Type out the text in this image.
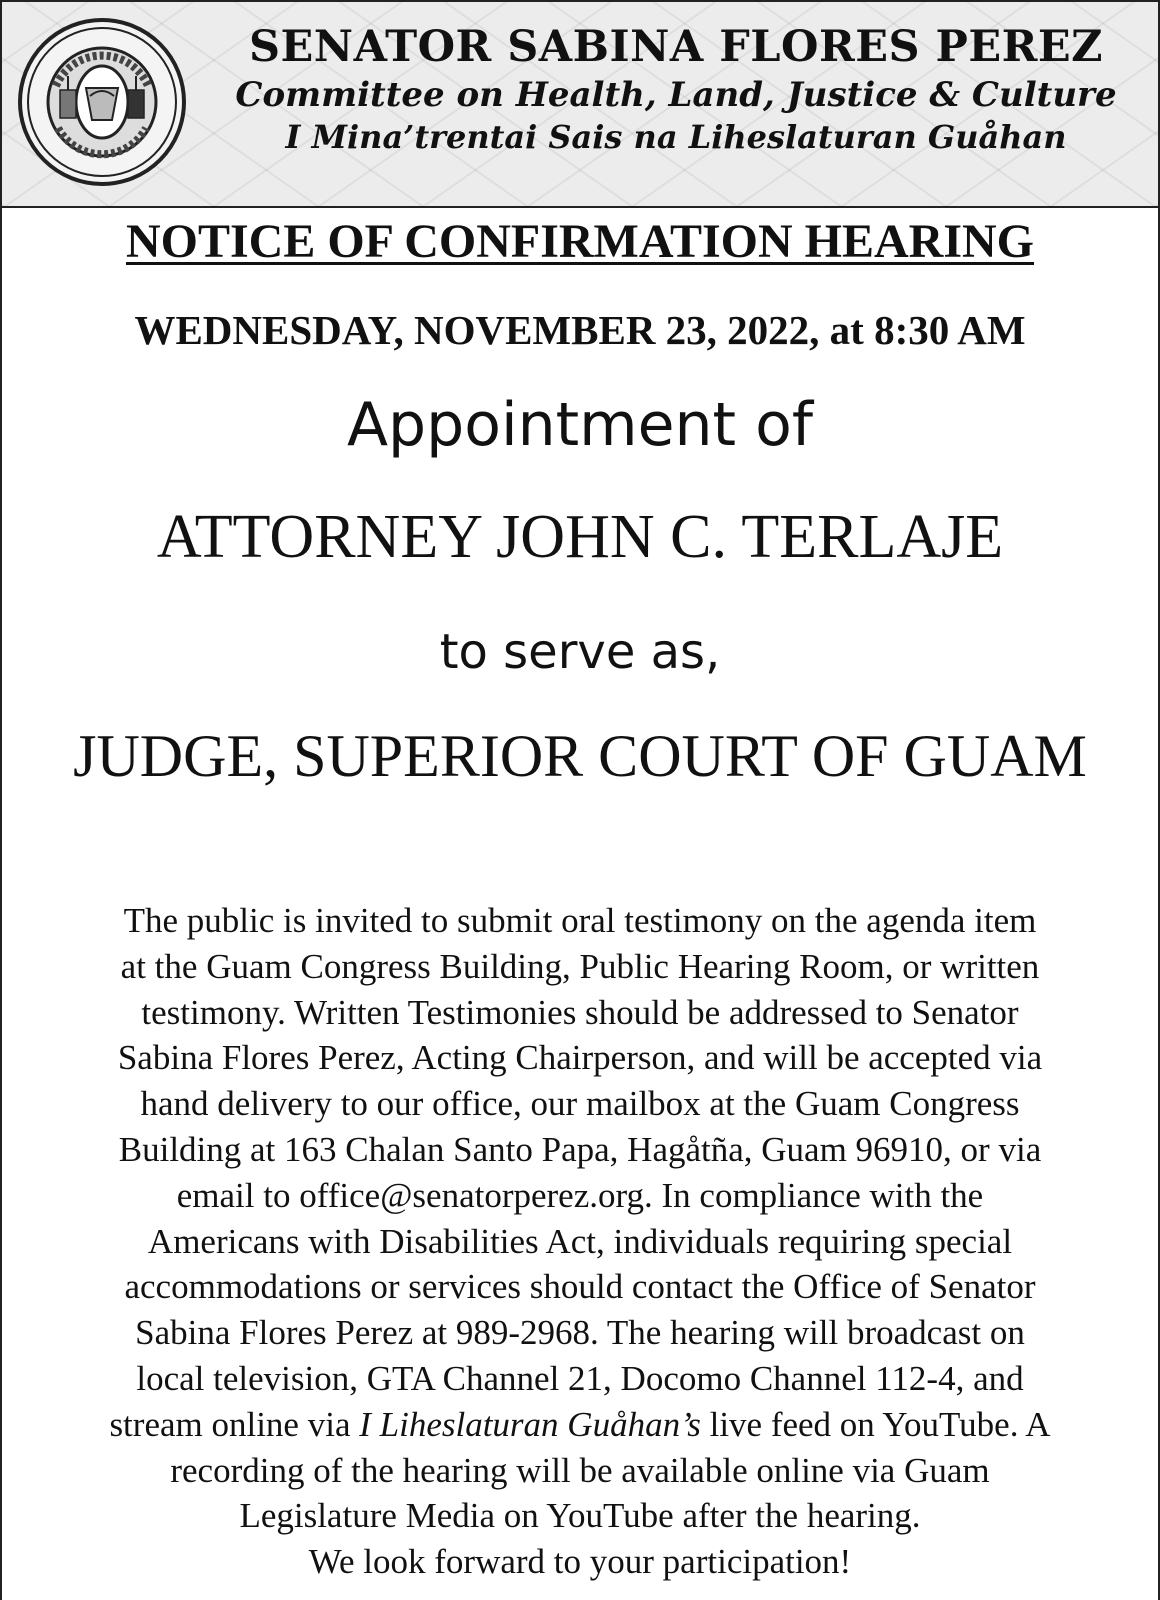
SENATOR SABINA FLORES PEREZ
Committee on Health, Land, Justice & Culture
I Mina’trentai Sais na Liheslaturan Guåhan
NOTICE OF CONFIRMATION HEARING
WEDNESDAY, NOVEMBER 23, 2022, at 8:30 AM
Appointment of
ATTORNEY JOHN C. TERLAJE
to serve as,
JUDGE, SUPERIOR COURT OF GUAM
The public is invited to submit oral testimony on the agenda item
at the Guam Congress Building, Public Hearing Room, or written
testimony. Written Testimonies should be addressed to Senator
Sabina Flores Perez, Acting Chairperson, and will be accepted via
hand delivery to our office, our mailbox at the Guam Congress
Building at 163 Chalan Santo Papa, Hagåtña, Guam 96910, or via
email to office@senatorperez.org. In compliance with the
Americans with Disabilities Act, individuals requiring special
accommodations or services should contact the Office of Senator
Sabina Flores Perez at 989-2968. The hearing will broadcast on
local television, GTA Channel 21, Docomo Channel 112-4, and
stream online via I Liheslaturan Guåhan’s live feed on YouTube. A
recording of the hearing will be available online via Guam
Legislature Media on YouTube after the hearing.
We look forward to your participation!
